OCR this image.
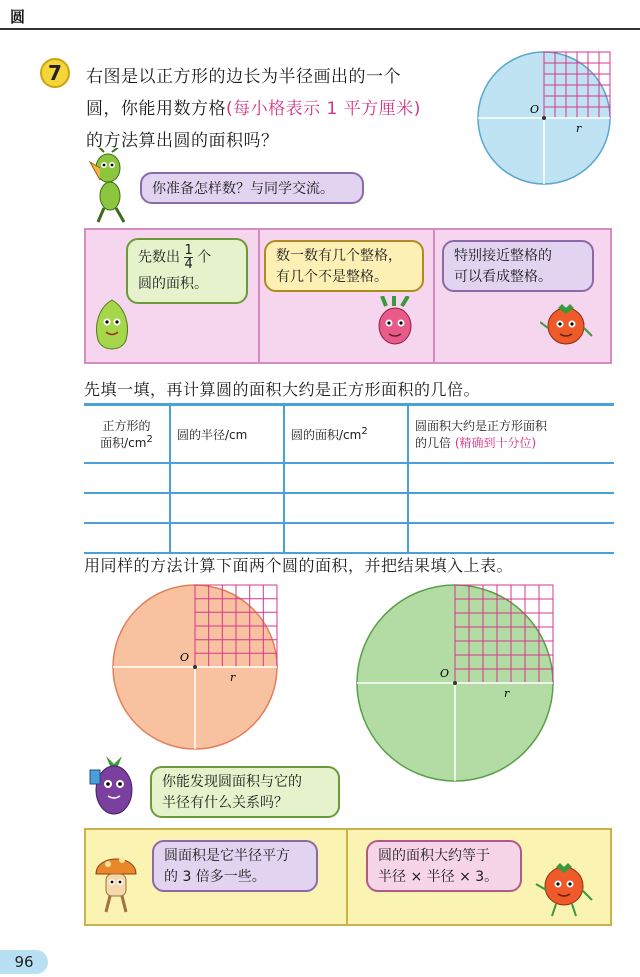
圆
7	右图是以正方形的边长为半径画出的一个
圆，你能用数方格(每小格表示 1 平方厘米)
的方法算出圆的面积吗？
O
r
你准备怎样数？与同学交流。
先数出 $\frac{1}{4}$ 个
圆的面积。
数一数有几个整格，
有几个不是整格。
特别接近整格的
可以看成整格。
先填一填，再计算圆的面积大约是正方形面积的几倍。
正方形的
面积$/cm^2$	圆的半径/cm	圆的面积$/cm^2$	圆面积大约是正方形面积
的几倍 (精确到十分位)

用同样的方法计算下面两个圆的面积，并把结果填入上表。
O
r	O
r
你能发现圆面积与它的
半径有什么关系吗？
圆面积是它半径平方
的 3 倍多一些。
圆的面积大约等于
半径 × 半径 × 3。
96
